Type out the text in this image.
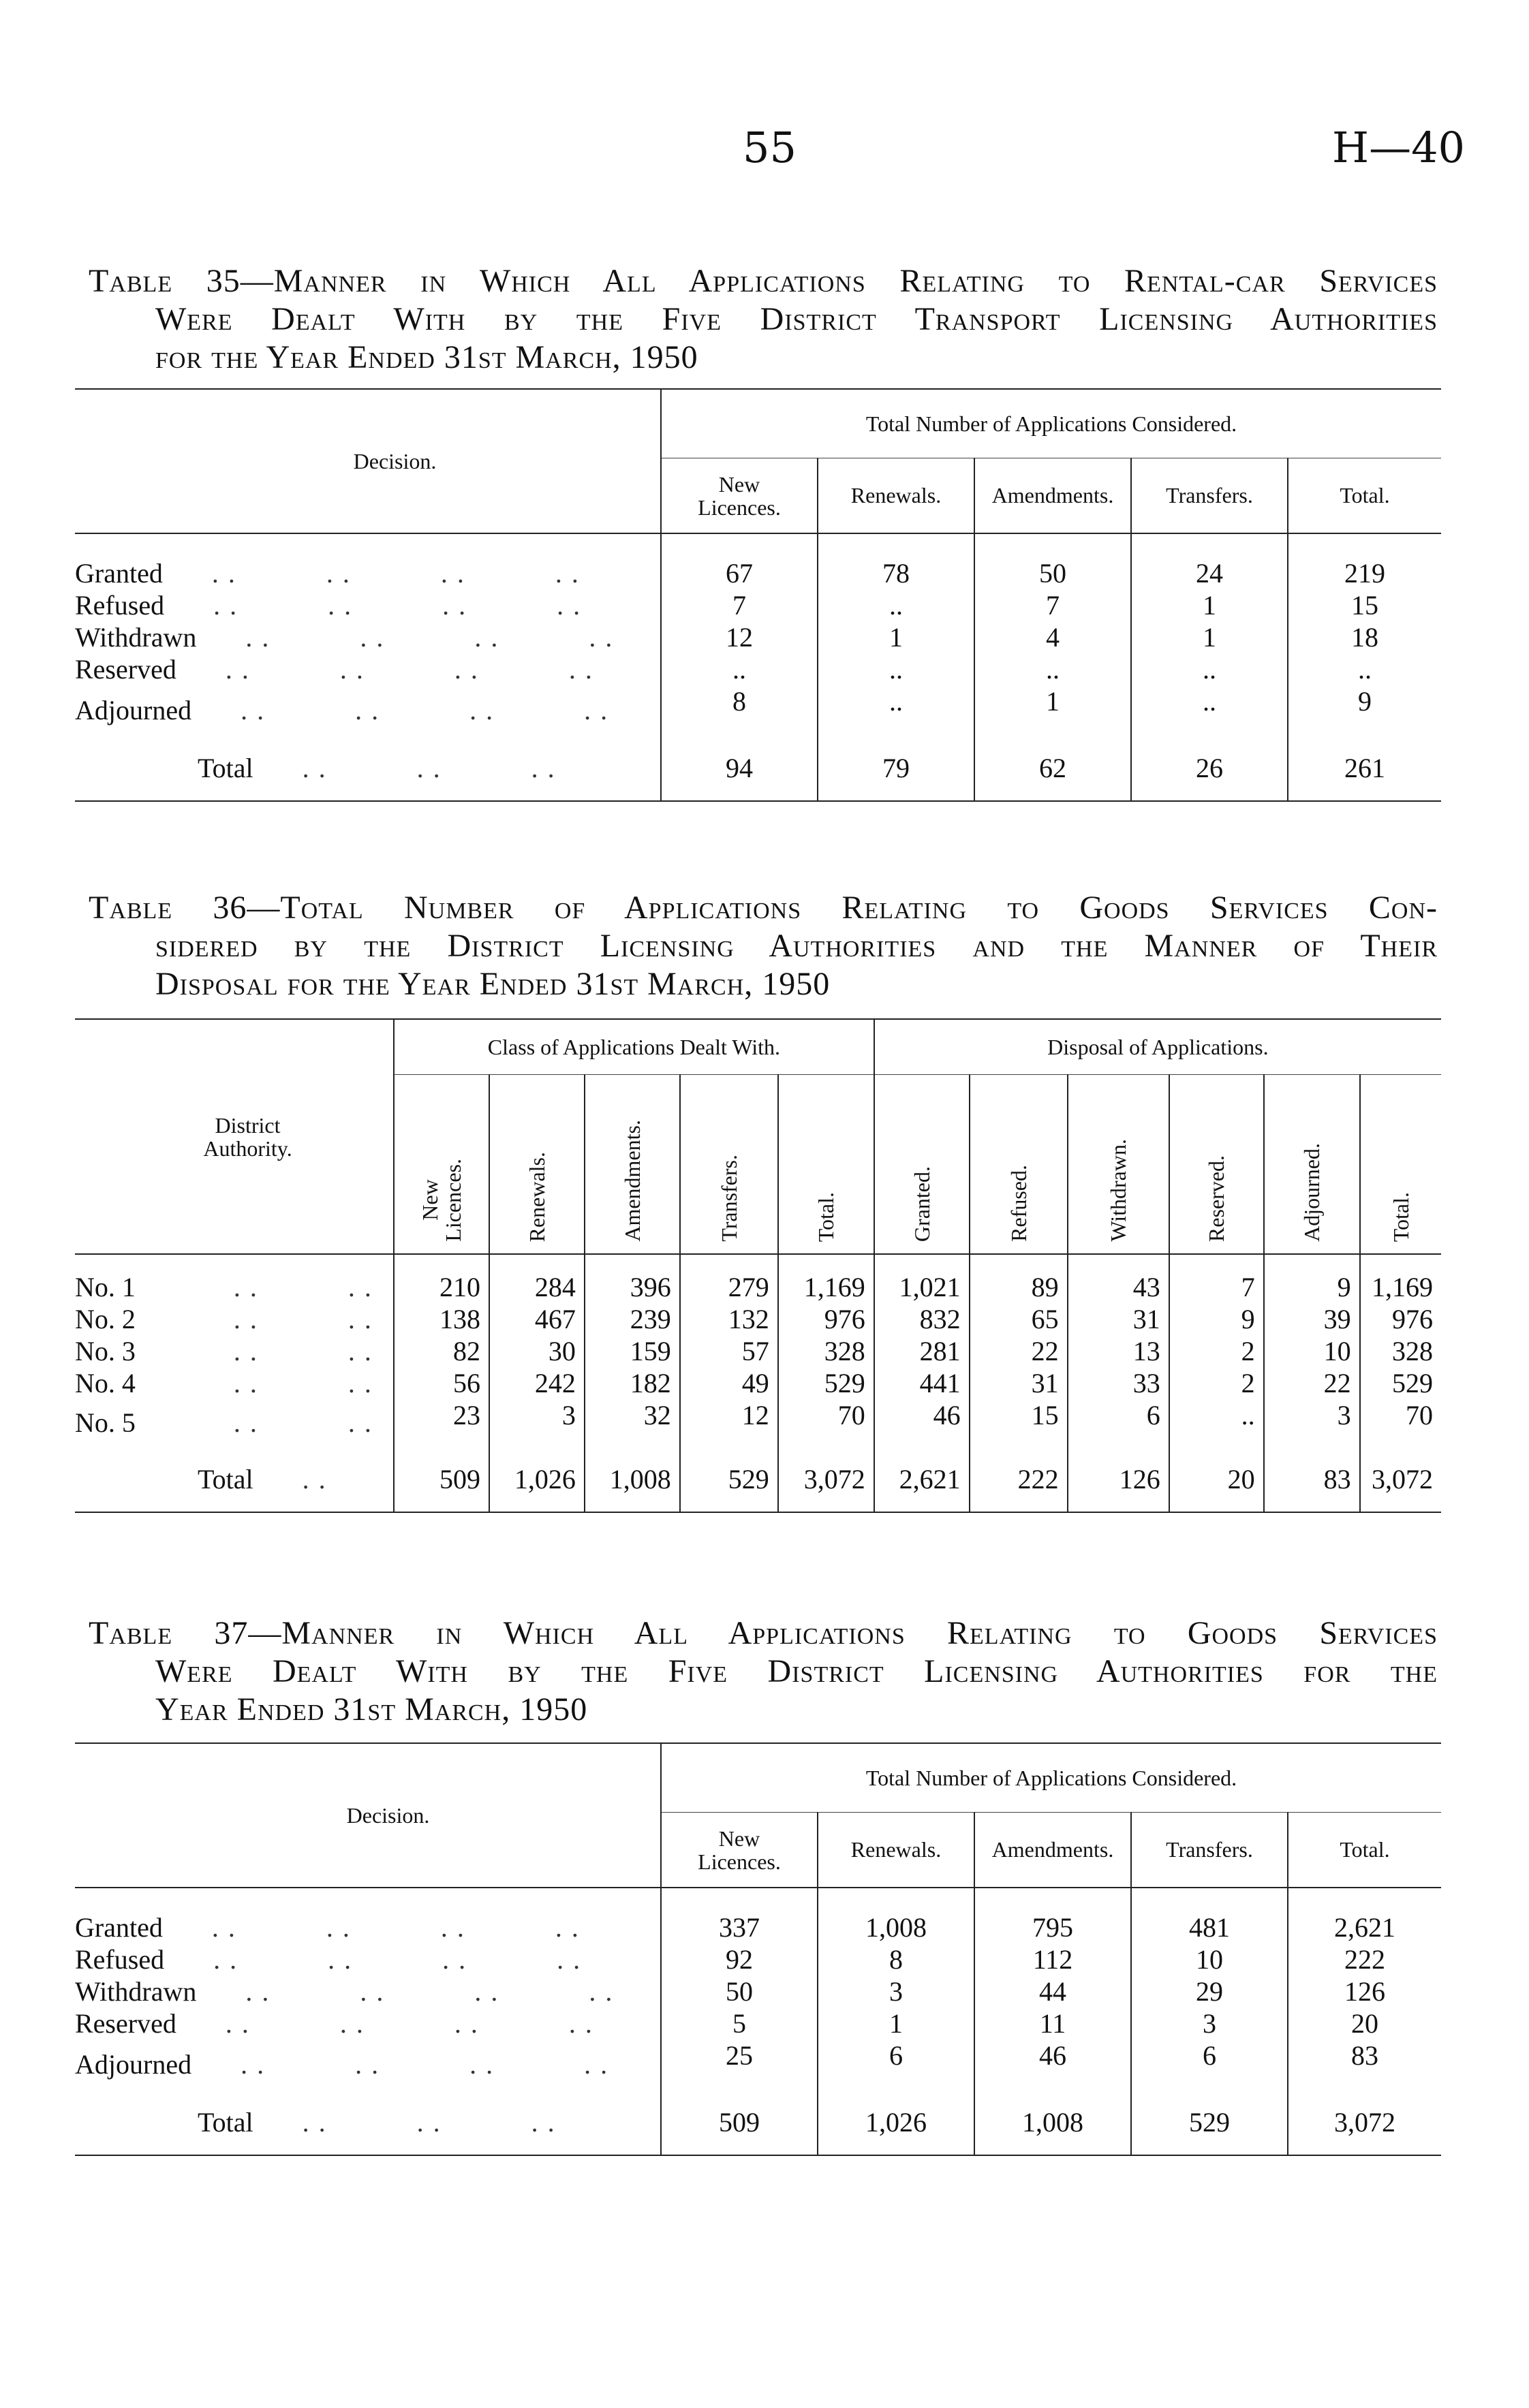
55	H—40
Table 35—Manner in Which All Applications Relating to Rental-car Services
Were Dealt With by the Five District Transport Licensing Authorities
for the Year Ended 31st March, 1950
Decision.	Total Number of Applications Considered.				
	New
Licences.	Renewals.	Amendments.	Transfers.	Total.
Granted   ..     ..     ..     ..	67	78	50	24	219
Refused   ..     ..     ..     ..	7	..	7	1	15
Withdrawn   ..     ..     ..     ..	12	1	4	1	18
Reserved   ..     ..     ..     ..	..	..	..	..	..
Adjourned   ..     ..     ..     ..	8	..	1	..	9
Total   ..     ..     ..	94	79	62	26	261
Table 36—Total Number of Applications Relating to Goods Services Con-
sidered by the District Licensing Authorities and the Manner of Their
Disposal for the Year Ended 31st March, 1950
District
Authority.	Class of Applications Dealt With.					Disposal of Applications.					
	New
Licences.	Renewals.	Amendments.	Transfers.	Total.	Granted.	Refused.	Withdrawn.	Reserved.	Adjourned.	Total.
No. 1      ..     ..	210	284	396	279	1,169	1,021	89	43	7	9	1,169
No. 2      ..     ..	138	467	239	132	976	832	65	31	9	39	976
No. 3      ..     ..	82	30	159	57	328	281	22	13	2	10	328
No. 4      ..     ..	56	242	182	49	529	441	31	33	2	22	529
No. 5      ..     ..	23	3	32	12	70	46	15	6	..	3	70
Total   ..	509	1,026	1,008	529	3,072	2,621	222	126	20	83	3,072
Table 37—Manner in Which All Applications Relating to Goods Services
Were Dealt With by the Five District Licensing Authorities for the
Year Ended 31st March, 1950
Decision.	Total Number of Applications Considered.				
	New
Licences.	Renewals.	Amendments.	Transfers.	Total.
Granted   ..     ..     ..     ..	337	1,008	795	481	2,621
Refused   ..     ..     ..     ..	92	8	112	10	222
Withdrawn   ..     ..     ..     ..	50	3	44	29	126
Reserved   ..     ..     ..     ..	5	1	11	3	20
Adjourned   ..     ..     ..     ..	25	6	46	6	83
Total   ..     ..     ..	509	1,026	1,008	529	3,072
